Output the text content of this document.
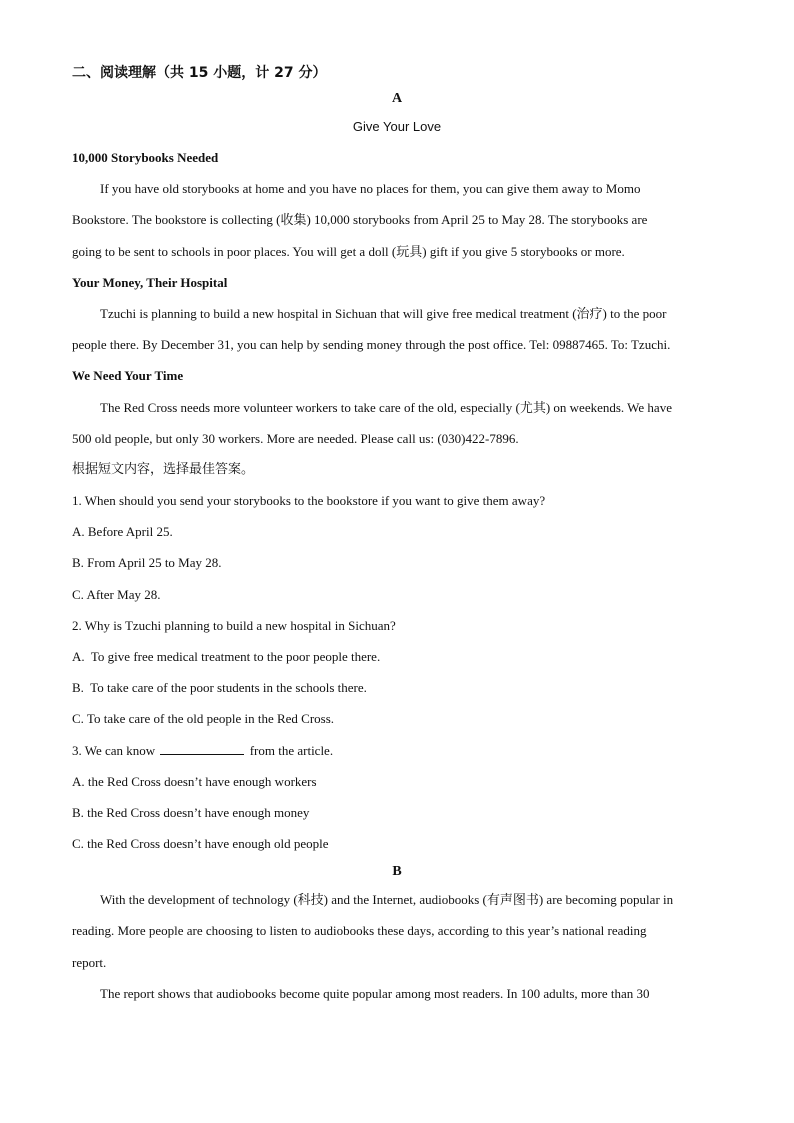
二、阅读理解（共 15 小题，计 27 分）
A
Give Your Love
10,000 Storybooks Needed
If you have old storybooks at home and you have no places for them, you can give them away to Momo
Bookstore. The bookstore is collecting (收集) 10,000 storybooks from April 25 to May 28. The storybooks are
going to be sent to schools in poor places. You will get a doll (玩具) gift if you give 5 storybooks or more.
Your Money, Their Hospital
Tzuchi is planning to build a new hospital in Sichuan that will give free medical treatment (治疗) to the poor
people there. By December 31, you can help by sending money through the post office. Tel: 09887465. To: Tzuchi.
We Need Your Time
The Red Cross needs more volunteer workers to take care of the old, especially (尤其) on weekends. We have
500 old people, but only 30 workers. More are needed. Please call us: (030)422-7896.
根据短文内容，选择最佳答案。
1. When should you send your storybooks to the bookstore if you want to give them away?
A. Before April 25.
B. From April 25 to May 28.
C. After May 28.
2. Why is Tzuchi planning to build a new hospital in Sichuan?
A.  To give free medical treatment to the poor people there.
B.  To take care of the poor students in the schools there.
C. To take care of the old people in the Red Cross.
3. We can know	from the article.
A. the Red Cross doesn’t have enough workers
B. the Red Cross doesn’t have enough money
C. the Red Cross doesn’t have enough old people
B
With the development of technology (科技) and the Internet, audiobooks (有声图书) are becoming popular in
reading. More people are choosing to listen to audiobooks these days, according to this year’s national reading
report.
The report shows that audiobooks become quite popular among most readers. In 100 adults, more than 30
